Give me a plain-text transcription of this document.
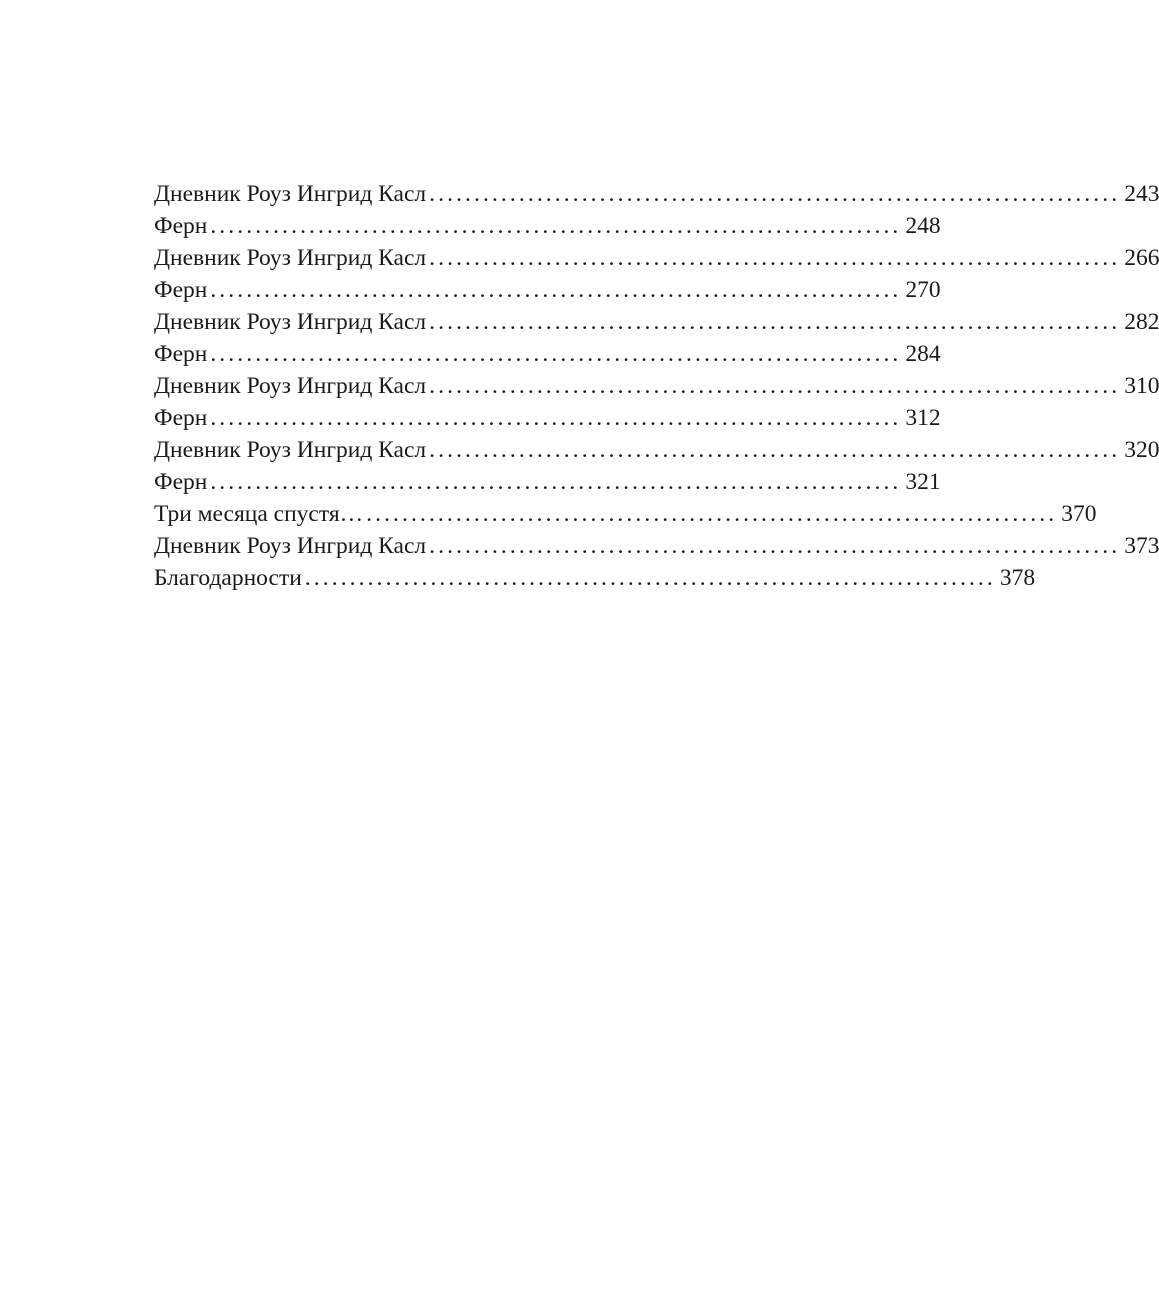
Дневник Роуз Ингрид Касл ............................................................................. 243
Ферн ............................................................................. 248
Дневник Роуз Ингрид Касл ............................................................................. 266
Ферн ............................................................................. 270
Дневник Роуз Ингрид Касл ............................................................................. 282
Ферн ............................................................................. 284
Дневник Роуз Ингрид Касл ............................................................................. 310
Ферн ............................................................................. 312
Дневник Роуз Ингрид Касл ............................................................................. 320
Ферн ............................................................................. 321
Три месяца спустя… ............................................................................. 370
Дневник Роуз Ингрид Касл ............................................................................. 373
Благодарности ............................................................................. 378
